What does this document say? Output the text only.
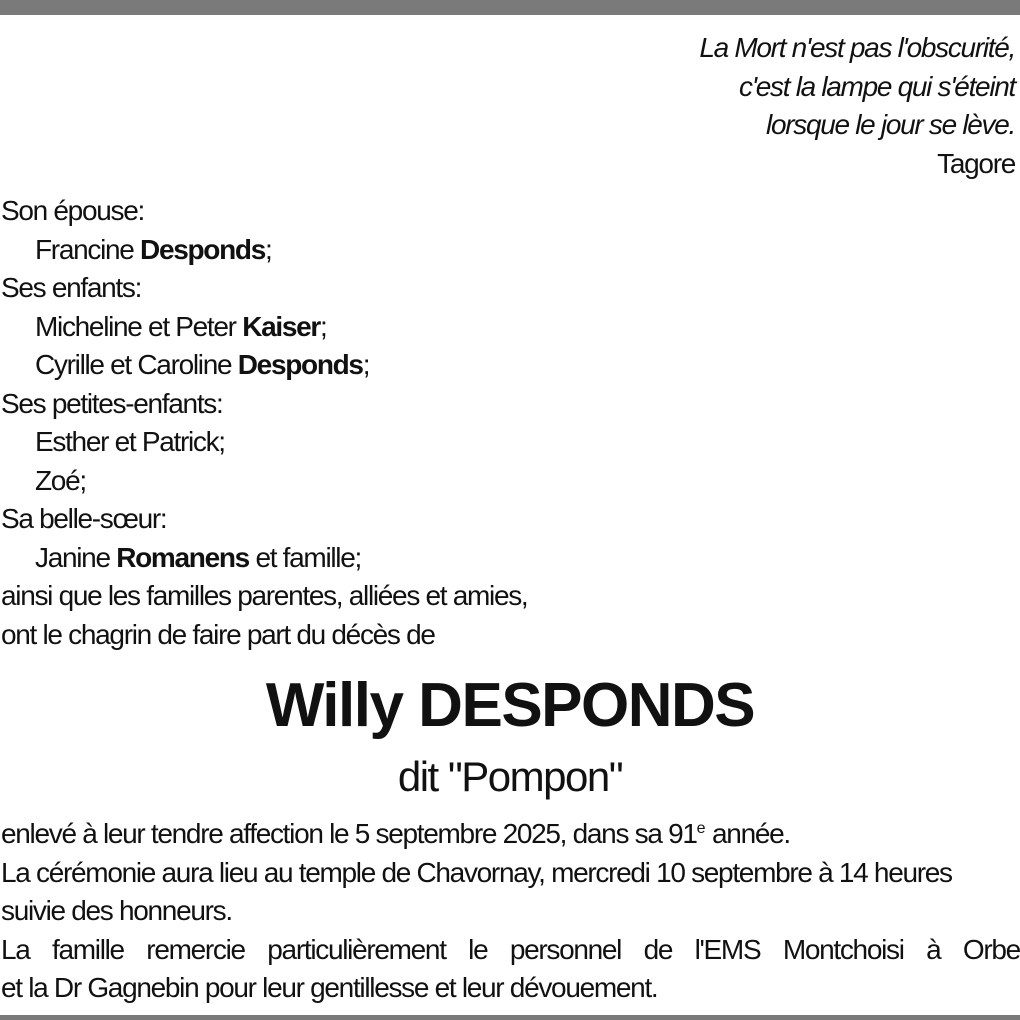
La Mort n'est pas l'obscurité,
c'est la lampe qui s'éteint
lorsque le jour se lève.
Tagore
Son épouse:
Francine Desponds;
Ses enfants:
Micheline et Peter Kaiser;
Cyrille et Caroline Desponds;
Ses petites-enfants:
Esther et Patrick;
Zoé;
Sa belle-sœur:
Janine Romanens et famille;
ainsi que les familles parentes, alliées et amies,
ont le chagrin de faire part du décès de
Willy DESPONDS
dit "Pompon"
enlevé à leur tendre affection le 5 septembre 2025, dans sa 91e année.
La cérémonie aura lieu au temple de Chavornay, mercredi 10 septembre à 14 heures
suivie des honneurs.
La famille remercie particulièrement le personnel de l'EMS Montchoisi à Orbe
et la Dr Gagnebin pour leur gentillesse et leur dévouement.
